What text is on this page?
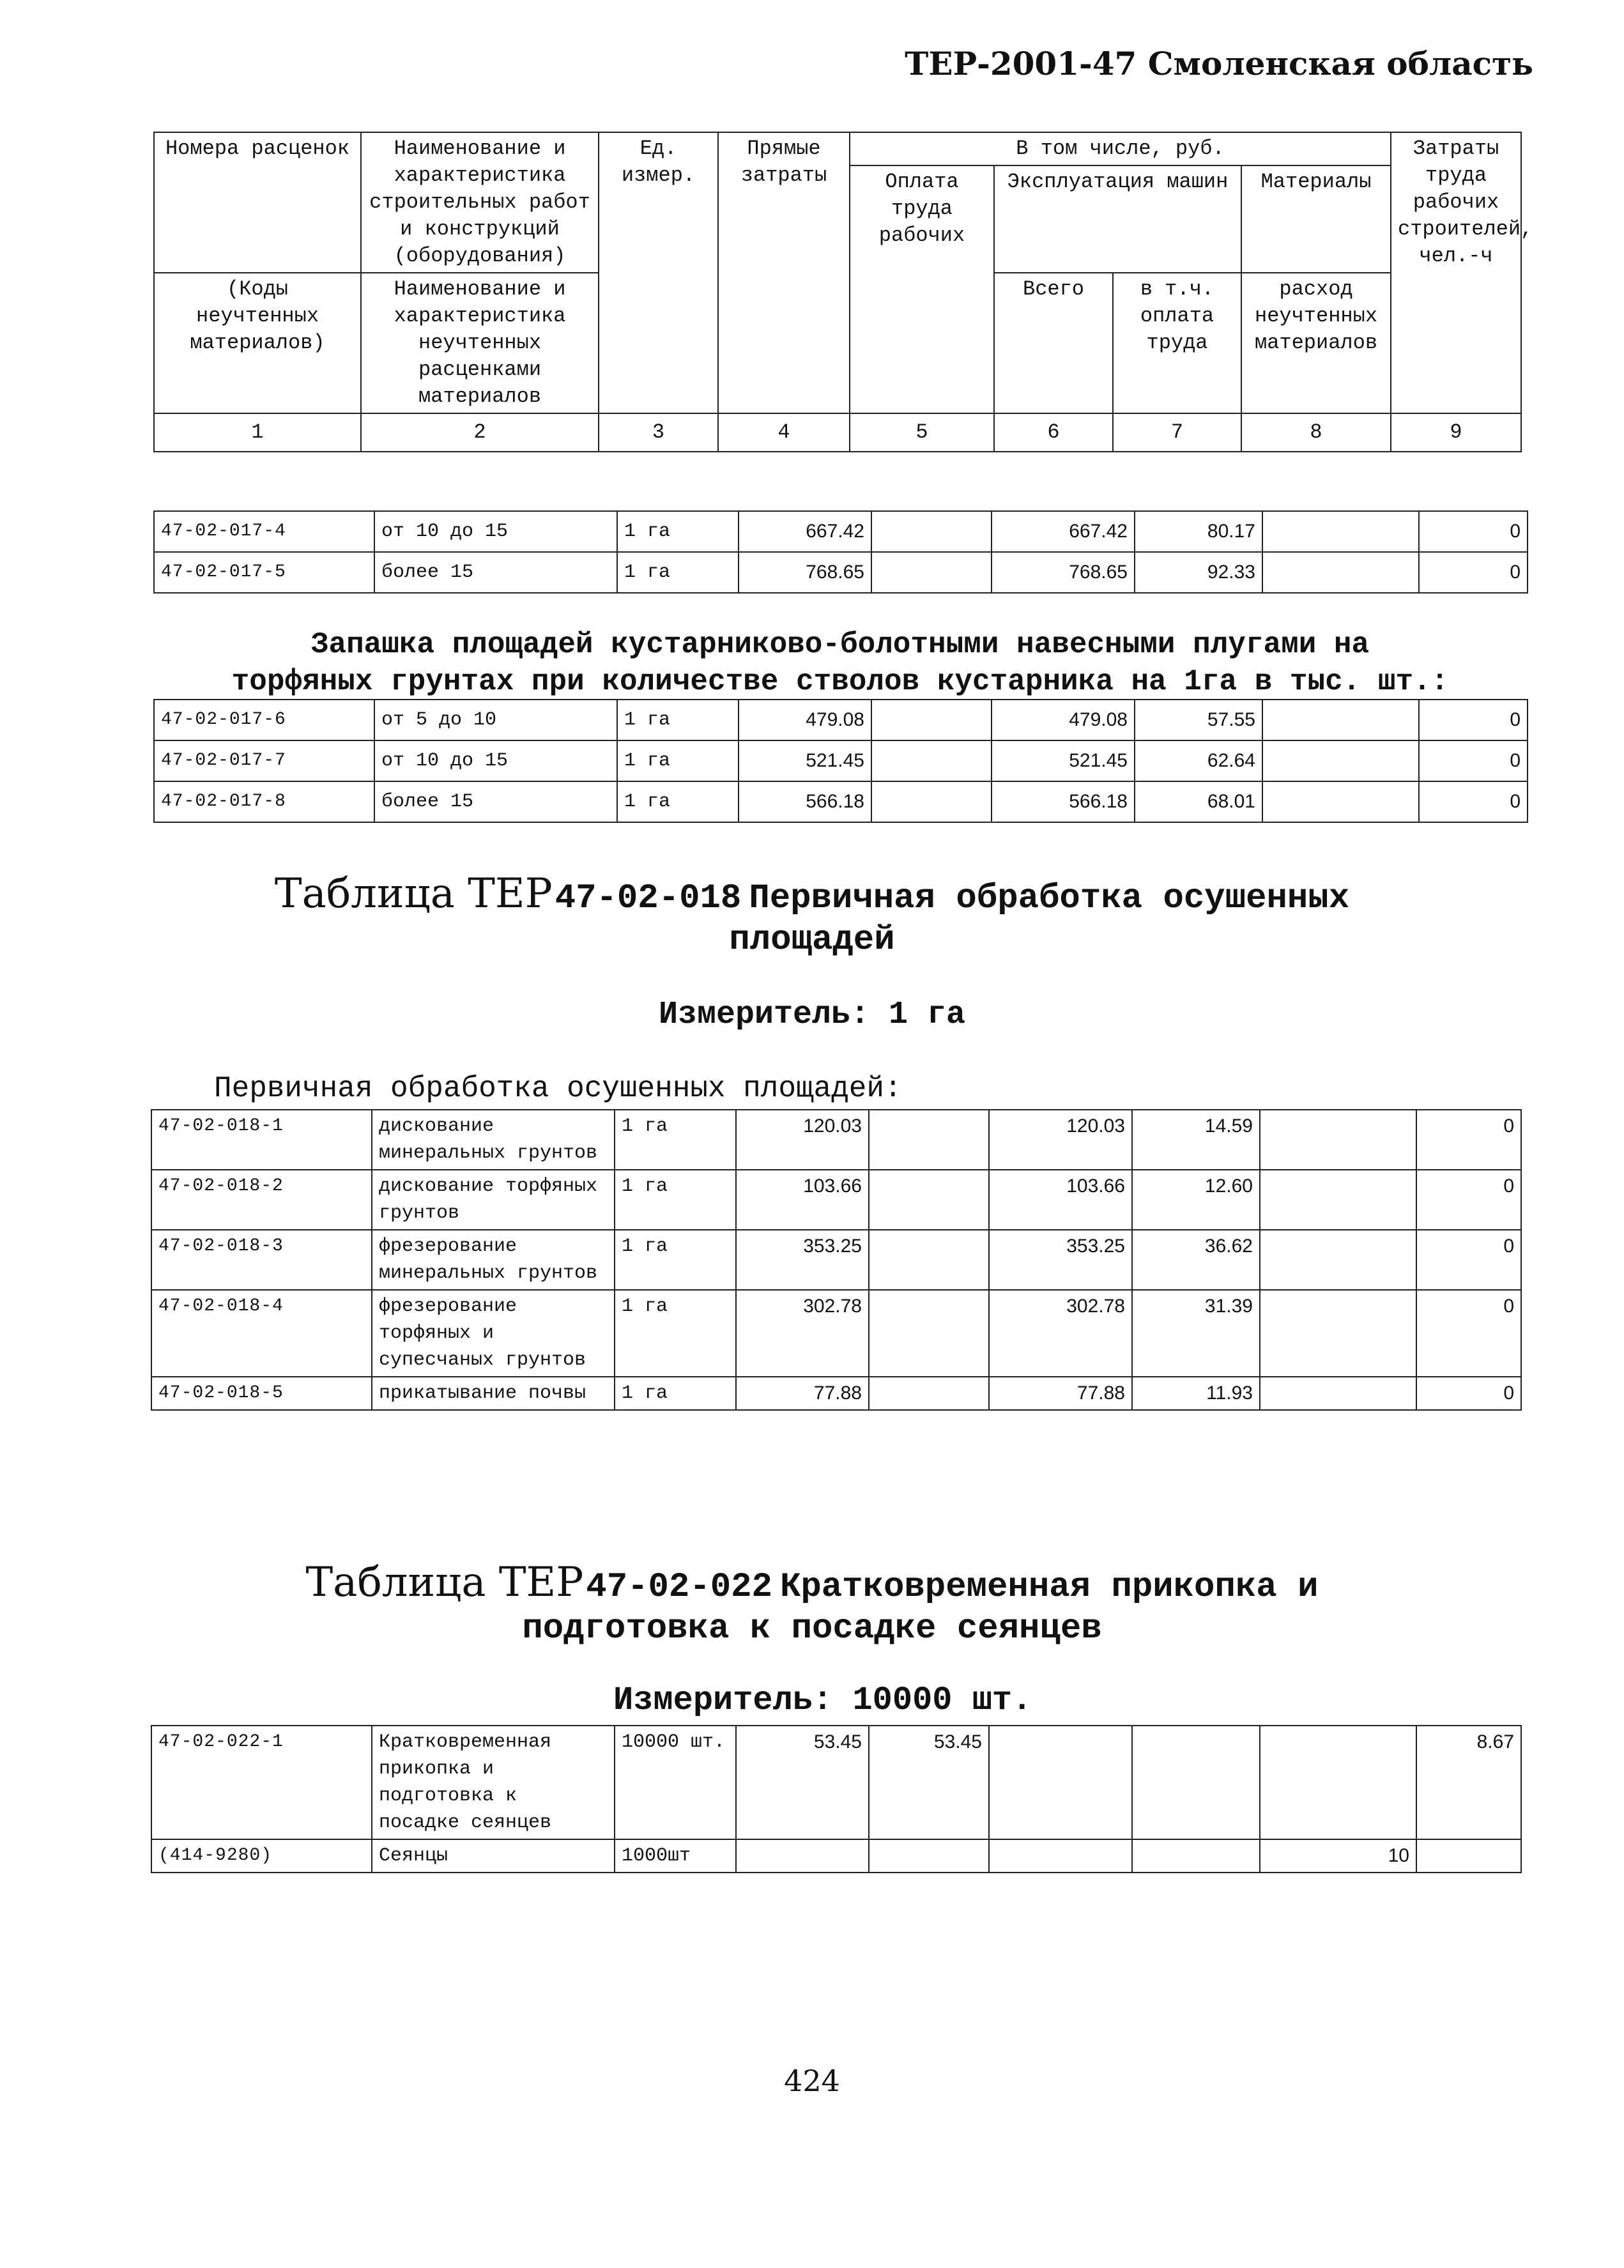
ТЕР-2001-47 Смоленская область
Номера расценок	Наименование и характеристика строительных работ и конструкций (оборудования)	Ед. измер.	Прямые затраты	В том числе, руб.				Затраты труда рабочих строителей, чел.-ч
				Оплата труда рабочих	Эксплуатация машин		Материалы	
(Коды неучтенных материалов)	Наименование и характеристика неучтенных расценками материалов				Всего	в т.ч. оплата труда	расход неучтенных материалов	
1	2	3	4	5	6	7	8	9
47-02-017-4	от 10 до 15	1 га	667.42		667.42	80.17		0
47-02-017-5	более 15	1 га	768.65		768.65	92.33		0
Запашка площадей кустарниково-болотными навесными плугами на
торфяных грунтах при количестве стволов кустарника на 1га в тыс. шт.:
47-02-017-6	от 5 до 10	1 га	479.08		479.08	57.55		0
47-02-017-7	от 10 до 15	1 га	521.45		521.45	62.64		0
47-02-017-8	более 15	1 га	566.18		566.18	68.01		0
Таблица ТЕР 47-02-018 Первичная обработка осушенных
площадей
Измеритель: 1 га
Первичная обработка осушенных площадей:
47-02-018-1	дискование минеральных грунтов	1 га	120.03		120.03	14.59		0
47-02-018-2	дискование торфяных грунтов	1 га	103.66		103.66	12.60		0
47-02-018-3	фрезерование минеральных грунтов	1 га	353.25		353.25	36.62		0
47-02-018-4	фрезерование торфяных и супесчаных грунтов	1 га	302.78		302.78	31.39		0
47-02-018-5	прикатывание почвы	1 га	77.88		77.88	11.93		0
Таблица ТЕР 47-02-022 Кратковременная прикопка и
подготовка к посадке сеянцев
Измеритель: 10000 шт.
47-02-022-1	Кратковременная прикопка и подготовка к посадке сеянцев	10000 шт.	53.45	53.45				8.67
(414-9280)	Сеянцы	1000шт					10	
424
